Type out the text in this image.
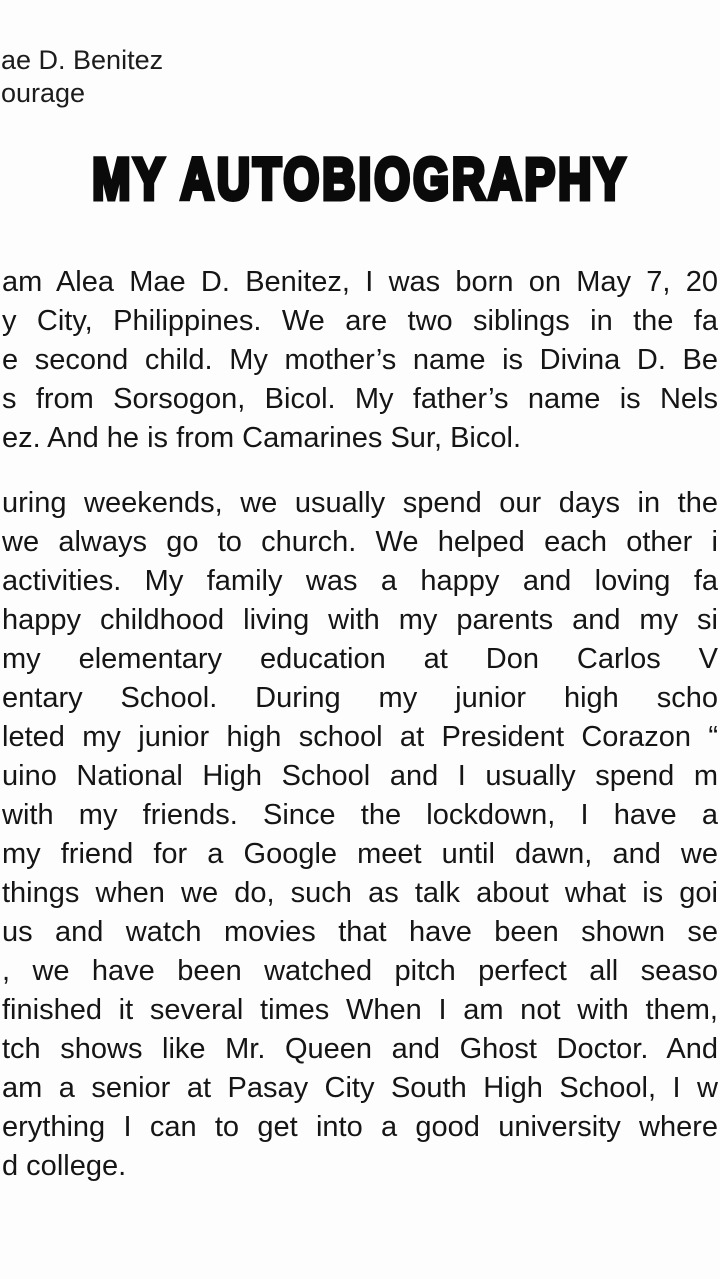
ae D. Benitez
ourage
MY AUTOBIOGRAPHY
am Alea Mae D. Benitez, I was born on May 7, 20
y City, Philippines. We are two siblings in the fa
e second child. My mother’s name is Divina D. Be
s from Sorsogon, Bicol. My father’s name is Nels
ez. And he is from Camarines Sur, Bicol.
uring weekends, we usually spend our days in the
we always go to church. We helped each other i
activities. My family was a happy and loving fa
happy childhood living with my parents and my si
my elementary education at Don Carlos V
entary School. During my junior high scho
leted my junior high school at President Corazon “
uino National High School and I usually spend m
with my friends. Since the lockdown, I have a
my friend for a Google meet until dawn, and we
things when we do, such as talk about what is goi
us and watch movies that have been shown se
, we have been watched pitch perfect all seaso
finished it several times When I am not with them,
tch shows like Mr. Queen and Ghost Doctor. And
am a senior at Pasay City South High School, I w
erything I can to get into a good university where
d college.
